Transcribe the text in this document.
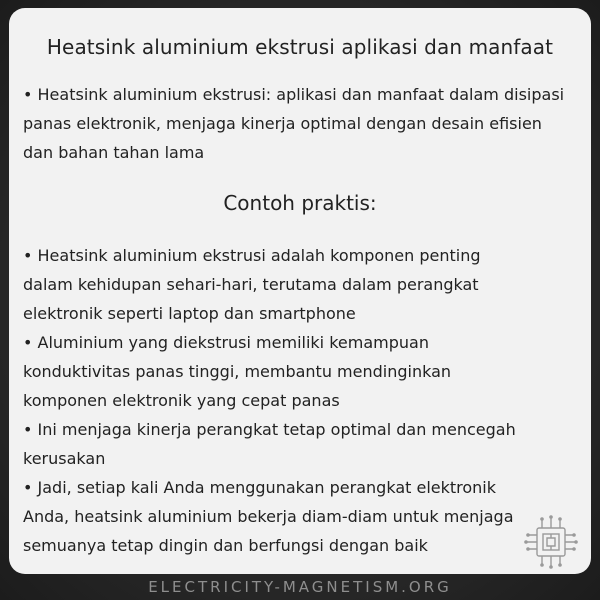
Heatsink aluminium ekstrusi aplikasi dan manfaat
• Heatsink aluminium ekstrusi: aplikasi dan manfaat dalam disipasi panas elektronik, menjaga kinerja optimal dengan desain efisien dan bahan tahan lama
Contoh praktis:

• Heatsink aluminium ekstrusi adalah komponen penting dalam kehidupan sehari-hari, terutama dalam perangkat elektronik seperti laptop dan smartphone

• Aluminium yang diekstrusi memiliki kemampuan konduktivitas panas tinggi, membantu mendinginkan komponen elektronik yang cepat panas

• Ini menjaga kinerja perangkat tetap optimal dan mencegah kerusakan

• Jadi, setiap kali Anda menggunakan perangkat elektronik Anda, heatsink aluminium bekerja diam-diam untuk menjaga semuanya tetap dingin dan berfungsi dengan baik

ELECTRICITY-MAGNETISM.ORG
